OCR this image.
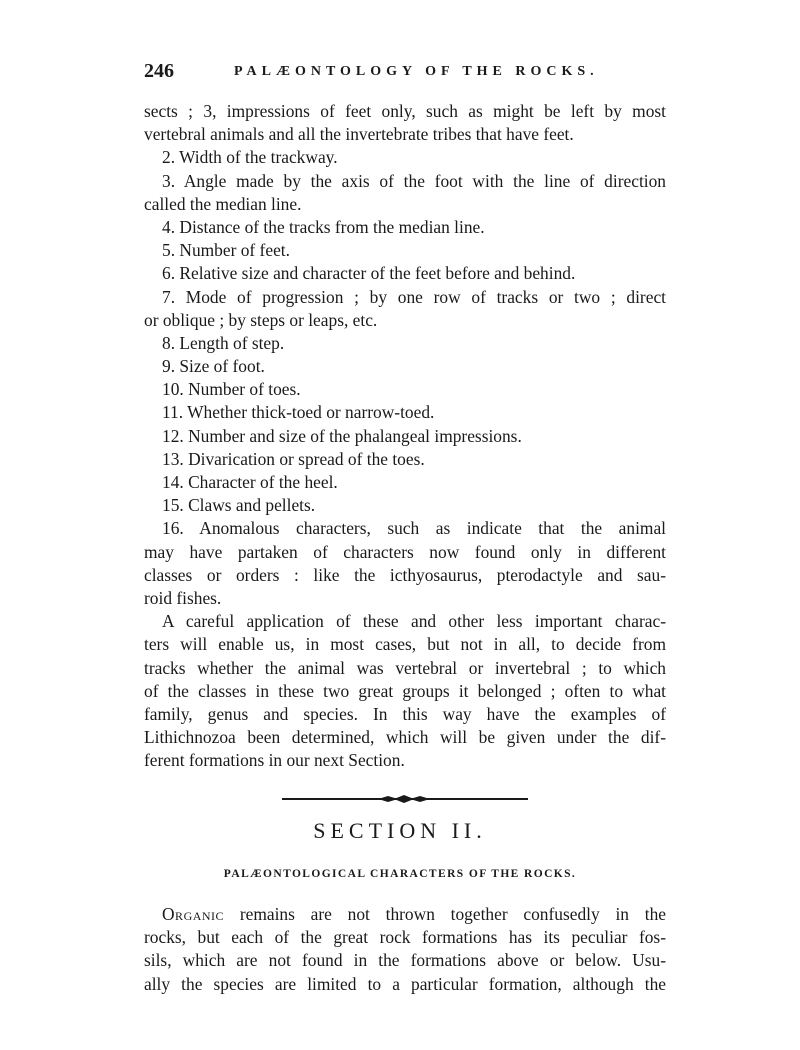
246	PALÆONTOLOGY OF THE ROCKS.
sects ; 3, impressions of feet only, such as might be left by most
vertebral animals and all the invertebrate tribes that have feet.
2. Width of the trackway.
3. Angle made by the axis of the foot with the line of direction
called the median line.
4. Distance of the tracks from the median line.
5. Number of feet.
6. Relative size and character of the feet before and behind.
7. Mode of progression ; by one row of tracks or two ; direct
or oblique ; by steps or leaps, etc.
8. Length of step.
9. Size of foot.
10. Number of toes.
11. Whether thick-toed or narrow-toed.
12. Number and size of the phalangeal impressions.
13. Divarication or spread of the toes.
14. Character of the heel.
15. Claws and pellets.
16. Anomalous characters, such as indicate that the animal
may have partaken of characters now found only in different
classes or orders : like the icthyosaurus, pterodactyle and sau-
roid fishes.
A careful application of these and other less important charac-
ters will enable us, in most cases, but not in all, to decide from
tracks whether the animal was vertebral or invertebral ; to which
of the classes in these two great groups it belonged ; often to what
family, genus and species. In this way have the examples of
Lithichnozoa been determined, which will be given under the dif-
ferent formations in our next Section.
SECTION II.
PALÆONTOLOGICAL CHARACTERS OF THE ROCKS.
Organic remains are not thrown together confusedly in the
rocks, but each of the great rock formations has its peculiar fos-
sils, which are not found in the formations above or below. Usu-
ally the species are limited to a particular formation, although the
